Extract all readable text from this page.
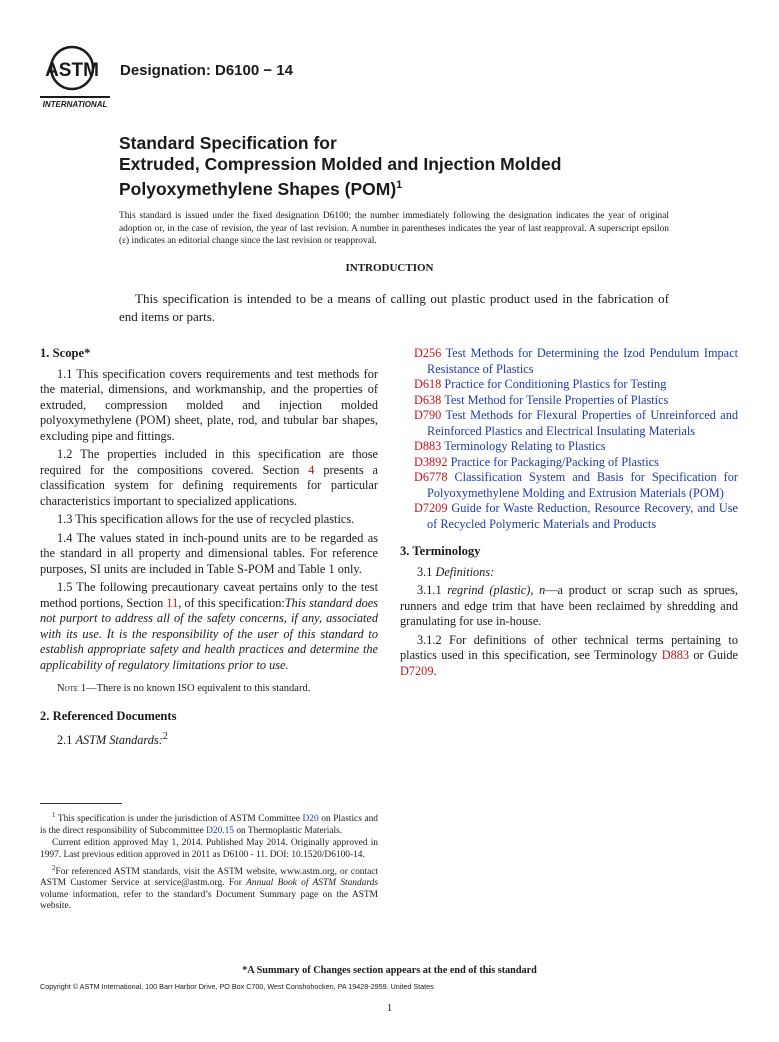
ASTM
INTERNATIONAL
Designation: D6100 − 14
Standard Specification for
Extruded, Compression Molded and Injection Molded
Polyoxymethylene Shapes (POM)$^1$

This standard is issued under the fixed designation D6100; the number immediately following the designation indicates the year of original adoption or, in the case of revision, the year of last revision. A number in parentheses indicates the year of last reapproval. A superscript epsilon (ε) indicates an editorial change since the last revision or reapproval.

INTRODUCTION

This specification is intended to be a means of calling out plastic product used in the fabrication of end items or parts.

1. Scope*

1.1 This specification covers requirements and test methods for the material, dimensions, and workmanship, and the properties of extruded, compression molded and injection molded polyoxymethylene (POM) sheet, plate, rod, and tubular bar shapes, excluding pipe and fittings.

1.2 The properties included in this specification are those required for the compositions covered. Section 4 presents a classification system for defining requirements for particular characteristics important to specialized applications.

1.3 This specification allows for the use of recycled plastics.

1.4 The values stated in inch-pound units are to be regarded as the standard in all property and dimensional tables. For reference purposes, SI units are included in Table S-POM and Table 1 only.

1.5 The following precautionary caveat pertains only to the test method portions, Section 11, of this specification:This standard does not purport to address all of the safety concerns, if any, associated with its use. It is the responsibility of the user of this standard to establish appropriate safety and health practices and determine the applicability of regulatory limitations prior to use.

Note 1—There is no known ISO equivalent to this standard.

2. Referenced Documents

2.1 ASTM Standards:$^2$

D256 Test Methods for Determining the Izod Pendulum Impact Resistance of Plastics

D618 Practice for Conditioning Plastics for Testing

D638 Test Method for Tensile Properties of Plastics

D790 Test Methods for Flexural Properties of Unreinforced and Reinforced Plastics and Electrical Insulating Materials

D883 Terminology Relating to Plastics

D3892 Practice for Packaging/Packing of Plastics

D6778 Classification System and Basis for Specification for Polyoxymethylene Molding and Extrusion Materials (POM)

D7209 Guide for Waste Reduction, Resource Recovery, and Use of Recycled Polymeric Materials and Products

3. Terminology

3.1 Definitions:

3.1.1 regrind (plastic), n—a product or scrap such as sprues, runners and edge trim that have been reclaimed by shredding and granulating for use in-house.

3.1.2 For definitions of other technical terms pertaining to plastics used in this specification, see Terminology D883 or Guide D7209.

$^1$ This specification is under the jurisdiction of ASTM Committee D20 on Plastics and is the direct responsibility of Subcommittee D20.15 on Thermoplastic Materials.

Current edition approved May 1, 2014. Published May 2014. Originally approved in 1997. Last previous edition approved in 2011 as D6100 - 11. DOI: 10.1520/D6100-14.

$^2$For referenced ASTM standards, visit the ASTM website, www.astm.org, or contact ASTM Customer Service at service@astm.org. For Annual Book of ASTM Standards volume information, refer to the standard’s Document Summary page on the ASTM website.

*A Summary of Changes section appears at the end of this standard
Copyright © ASTM International, 100 Barr Harbor Drive, PO Box C700, West Conshohocken, PA 19428-2959. United States
1
